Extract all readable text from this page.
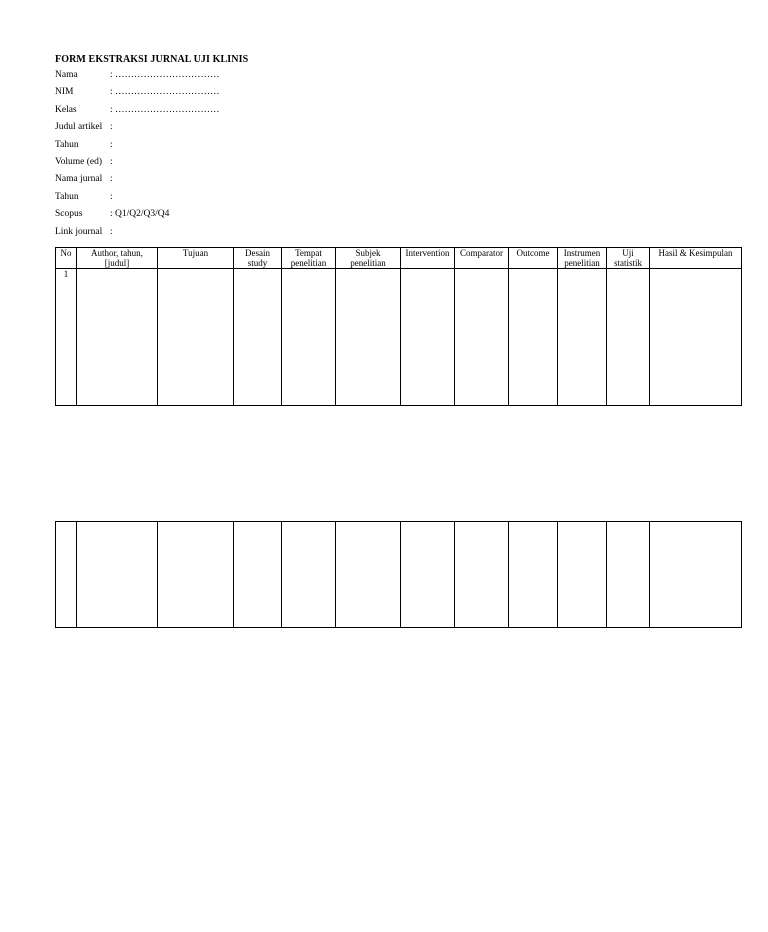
FORM EKSTRAKSI JURNAL UJI KLINIS
Nama	: ……………………………
NIM	: ……………………………
Kelas	: ……………………………
Judul artikel :
Tahun	:
Volume (ed) :
Nama jurnal :
Tahun	:
Scopus	: Q1/Q2/Q3/Q4
Link journal :
No	Author, tahun, [judul]	Tujuan	Desain study	Tempat penelitian	Subjek penelitian	Intervention	Comparator	Outcome	Instrumen penelitian	Uji statistik	Hasil & Kesimpulan
1											
